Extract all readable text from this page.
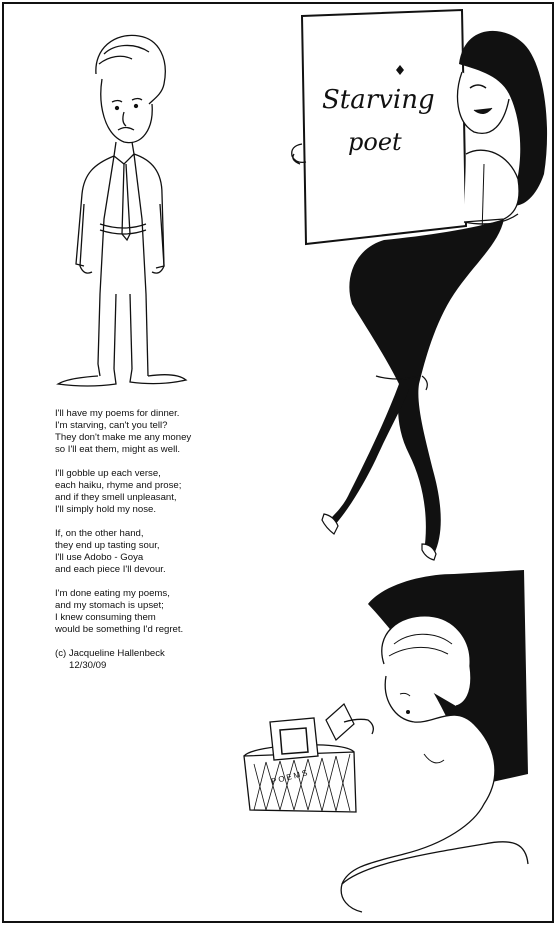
Starving
poet
POEMS
I'll have my poems for dinner.
I'm starving, can't you tell?
They don't make me any money
so I'll eat them, might as well.
I'll gobble up each verse,
each haiku, rhyme and prose;
and if they smell unpleasant,
I'll simply hold my nose.
If, on the other hand,
they end up tasting sour,
I'll use Adobo - Goya
and each piece I'll devour.
I'm done eating my poems,
and my stomach is upset;
I knew consuming them
would be something I'd regret.
(c) Jacqueline Hallenbeck
12/30/09
